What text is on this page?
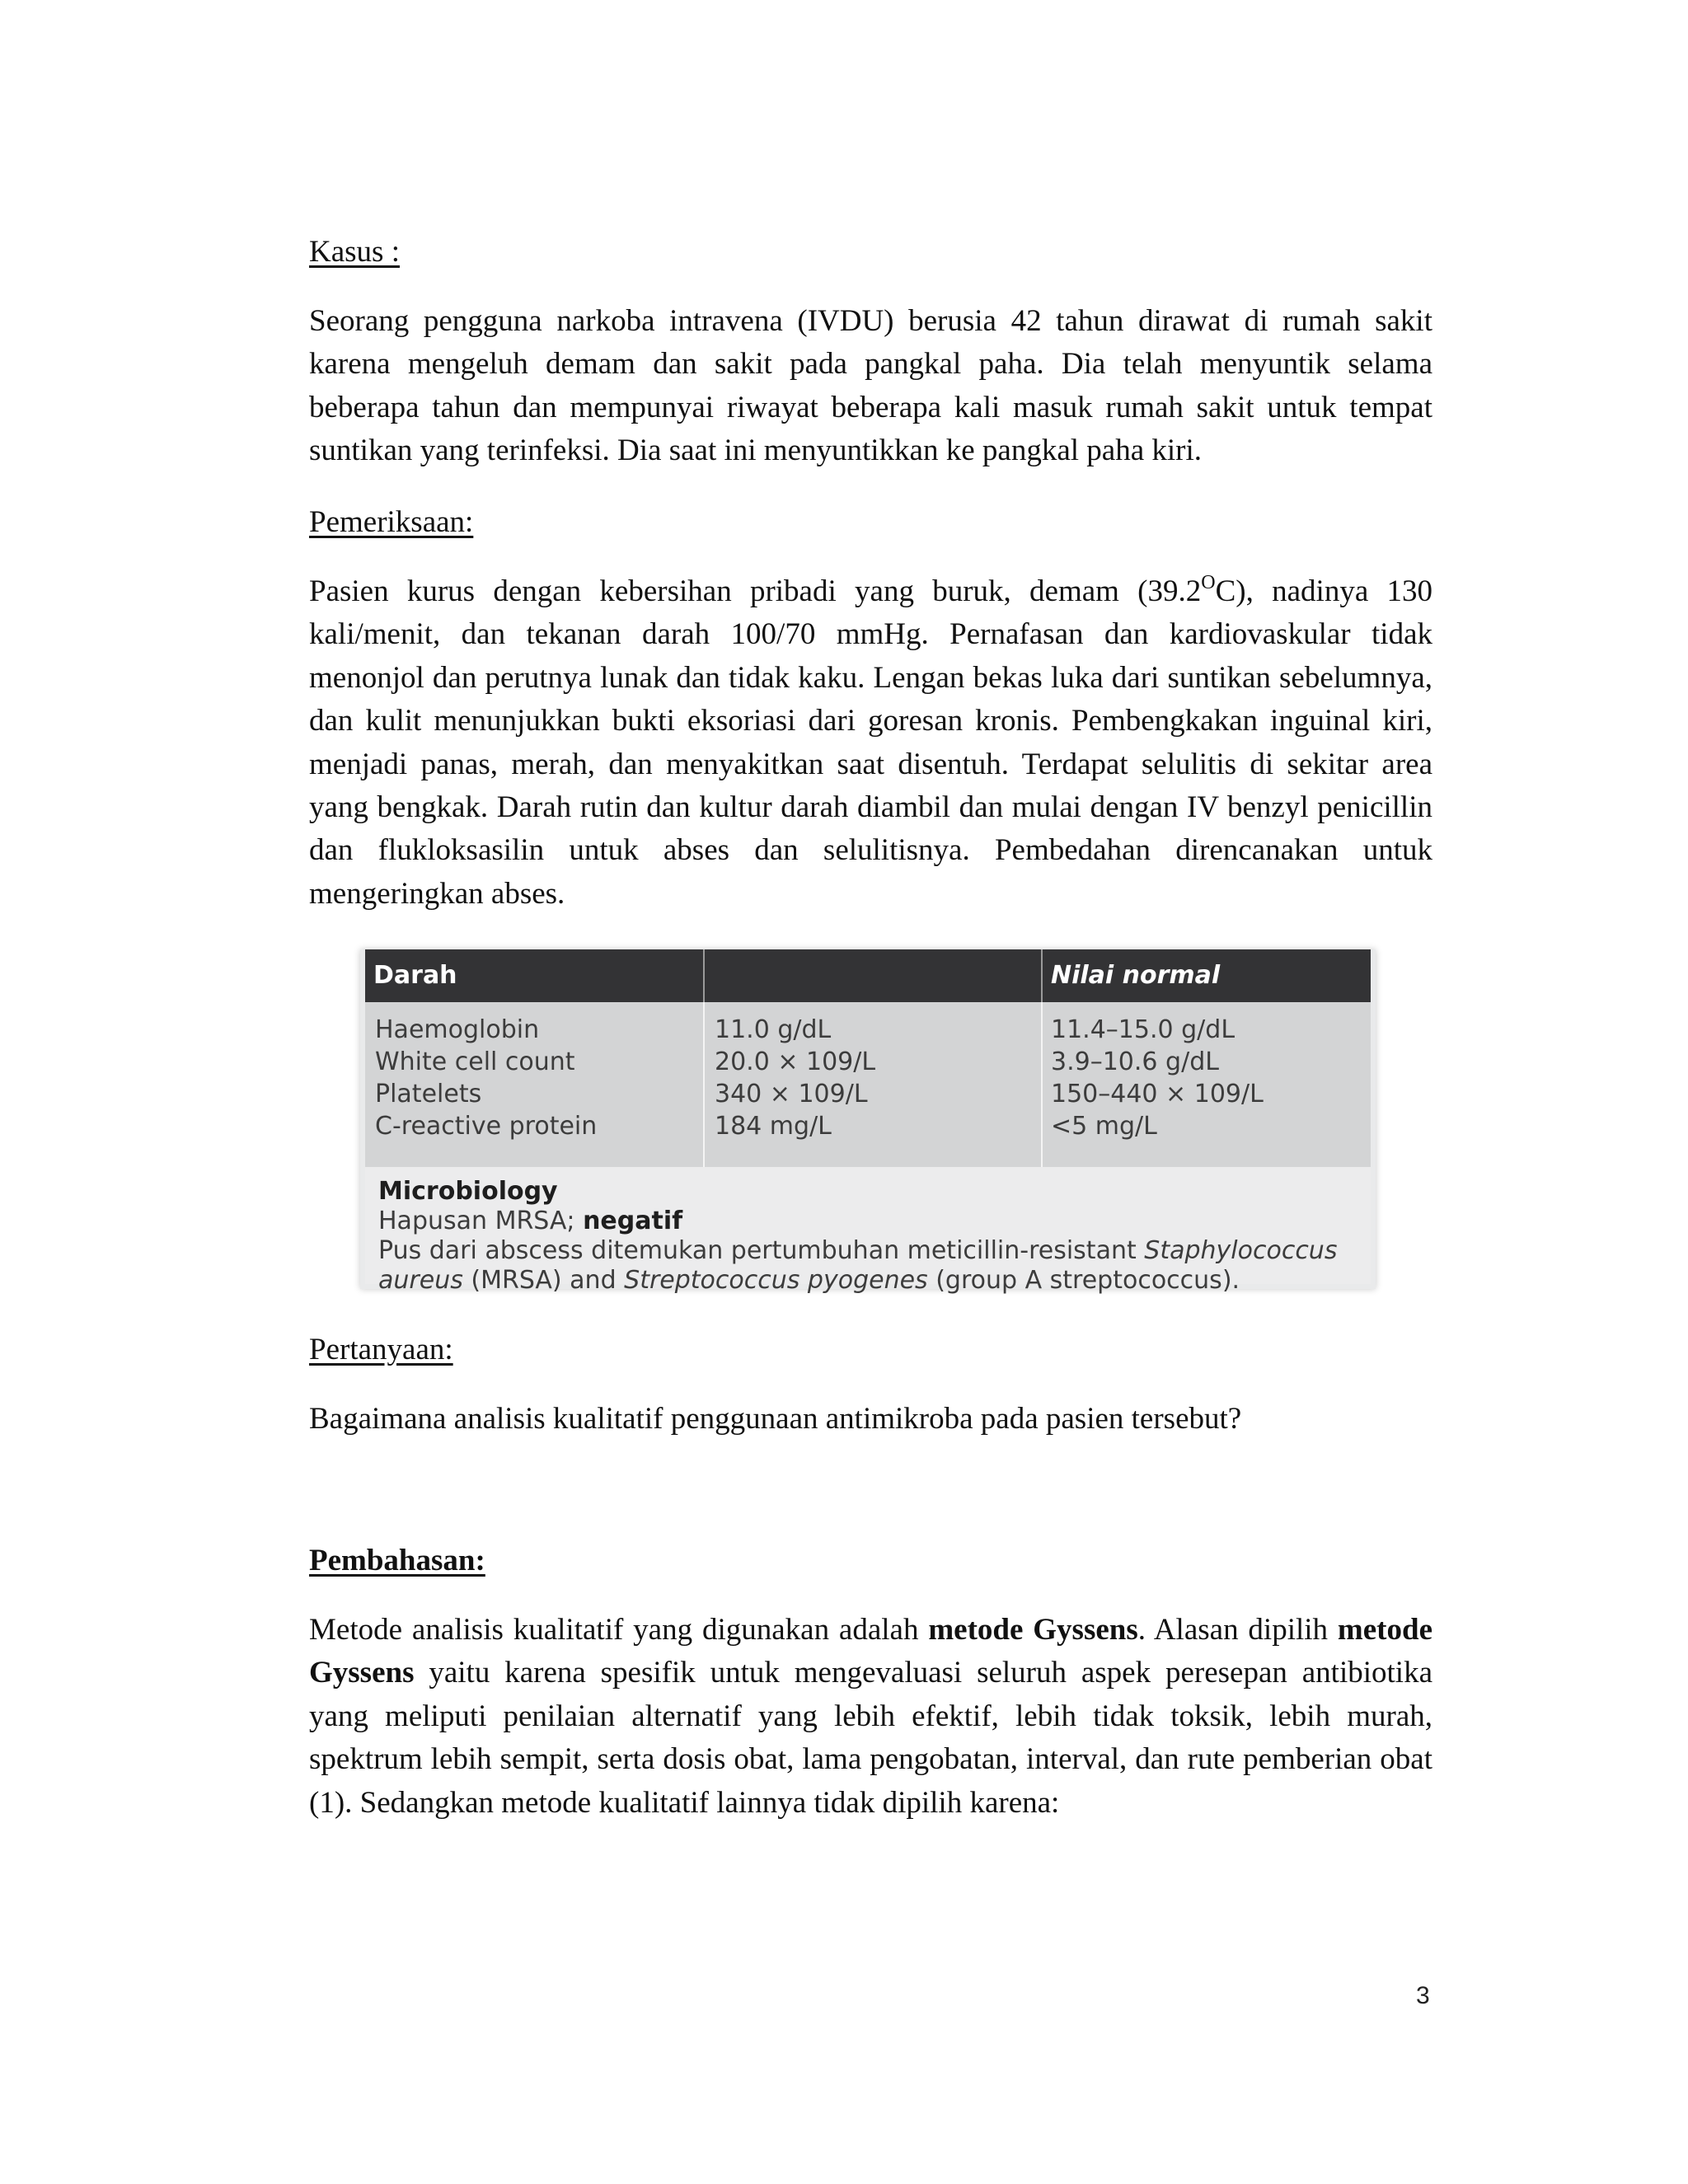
Kasus :
Seorang pengguna narkoba intravena (IVDU) berusia 42 tahun dirawat di rumah sakit karena mengeluh demam dan sakit pada pangkal paha. Dia telah menyuntik selama beberapa tahun dan mempunyai riwayat beberapa kali masuk rumah sakit untuk tempat suntikan yang terinfeksi. Dia saat ini menyuntikkan ke pangkal paha kiri.
Pemeriksaan:
Pasien kurus dengan kebersihan pribadi yang buruk, demam $(39.2^OC)$, nadinya 130 kali/menit, dan tekanan darah 100/70 mmHg. Pernafasan dan kardiovaskular tidak menonjol dan perutnya lunak dan tidak kaku. Lengan bekas luka dari suntikan sebelumnya, dan kulit menunjukkan bukti eksoriasi dari goresan kronis. Pembengkakan inguinal kiri, menjadi panas, merah, dan menyakitkan saat disentuh. Terdapat selulitis di sekitar area yang bengkak. Darah rutin dan kultur darah diambil dan mulai dengan IV benzyl penicillin dan flukloksasilin untuk abses dan selulitisnya. Pembedahan direncanakan untuk mengeringkan abses.
Darah	Nilai normal
Haemoglobin
White cell count
Platelets
C-reactive protein
11.0 g/dL
20.0 × 109/L
340 × 109/L
184 mg/L
11.4–15.0 g/dL
3.9–10.6 g/dL
150–440 × 109/L
<5 mg/L
Microbiology
Hapusan MRSA; negatif
Pus dari abscess ditemukan pertumbuhan meticillin-resistant Staphylococcus
aureus (MRSA) and Streptococcus pyogenes (group A streptococcus).
Pertanyaan:
Bagaimana analisis kualitatif penggunaan antimikroba pada pasien tersebut?
Pembahasan:
Metode analisis kualitatif yang digunakan adalah metode Gyssens. Alasan dipilih metode Gyssens yaitu karena spesifik untuk mengevaluasi seluruh aspek peresepan antibiotika yang meliputi penilaian alternatif yang lebih efektif, lebih tidak toksik, lebih murah, spektrum lebih sempit, serta dosis obat, lama pengobatan, interval, dan rute pemberian obat (1). Sedangkan metode kualitatif lainnya tidak dipilih karena:
3
